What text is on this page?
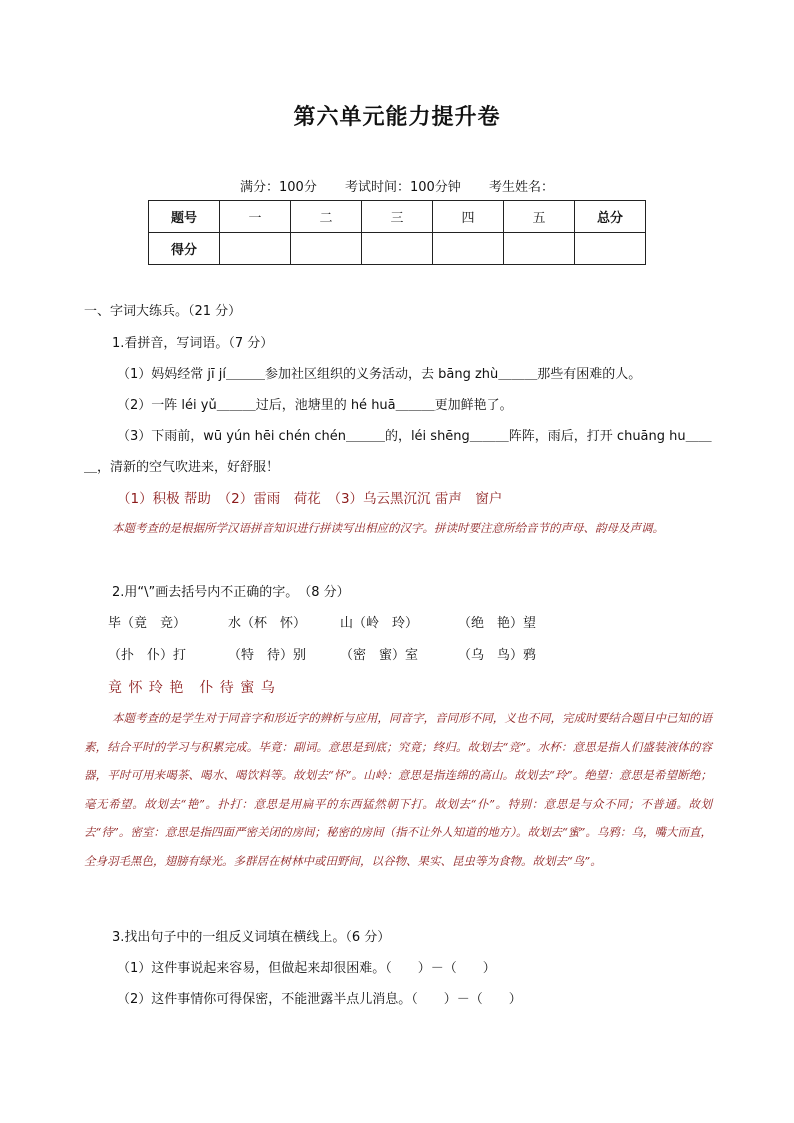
第六单元能力提升卷
满分：100分 考试时间：100分钟 考生姓名：
题号	一	二	三	四	五	总分
得分						
一、字词大练兵。（21 分）
1.看拼音，写词语。（7 分）
（1）妈妈经常 jī jí＿＿＿参加社区组织的义务活动，去 bāng zhù＿＿＿那些有困难的人。
（2）一阵 léi yǔ＿＿＿过后，池塘里的 hé huā＿＿＿更加鲜艳了。
（3）下雨前，wū yún hēi chén chén＿＿＿的，léi shēng＿＿＿阵阵，雨后，打开 chuāng hu＿＿
＿，清新的空气吹进来，好舒服！
（1）积极 帮助　（2）雷雨　荷花　（3）乌云黑沉沉 雷声　窗户
本题考查的是根据所学汉语拼音知识进行拼读写出相应的汉字。拼读时要注意所给音节的声母、韵母及声调。
2.用“\”画去括号内不正确的字。　（8 分）
毕（竟　竞）	水（杯　怀）	山（岭　玲）	（绝　艳）望
（扑　仆）打	（特　待）别	（密　蜜）室	（乌　鸟）鸦
竟 怀 玲 艳　仆 待 蜜 乌
本题考查的是学生对于同音字和形近字的辨析与应用，同音字，音同形不同，义也不同，完成时要结合题目中已知的语素，结合平时的学习与积累完成。毕竟：副词。意思是到底；究竟；终归。故划去“竞”。水杯：意思是指人们盛装液体的容器，平时可用来喝茶、喝水、喝饮料等。故划去“怀”。山岭：意思是指连绵的高山。故划去“玲”。绝望：意思是希望断绝；毫无希望。故划去“艳”。扑打：意思是用扁平的东西猛然朝下打。故划去“仆”。特别：意思是与众不同；不普通。故划去“待”。密室：意思是指四面严密关闭的房间；秘密的房间（指不让外人知道的地方）。故划去“蜜”。乌鸦：乌，嘴大而直，全身羽毛黑色，翅膀有绿光。多群居在树林中或田野间，以谷物、果实、昆虫等为食物。故划去“鸟”。
3.找出句子中的一组反义词填在横线上。（6 分）
（1）这件事说起来容易，但做起来却很困难。（　　）－（　　）
（2）这件事情你可得保密，不能泄露半点儿消息。（　　）－（　　）
